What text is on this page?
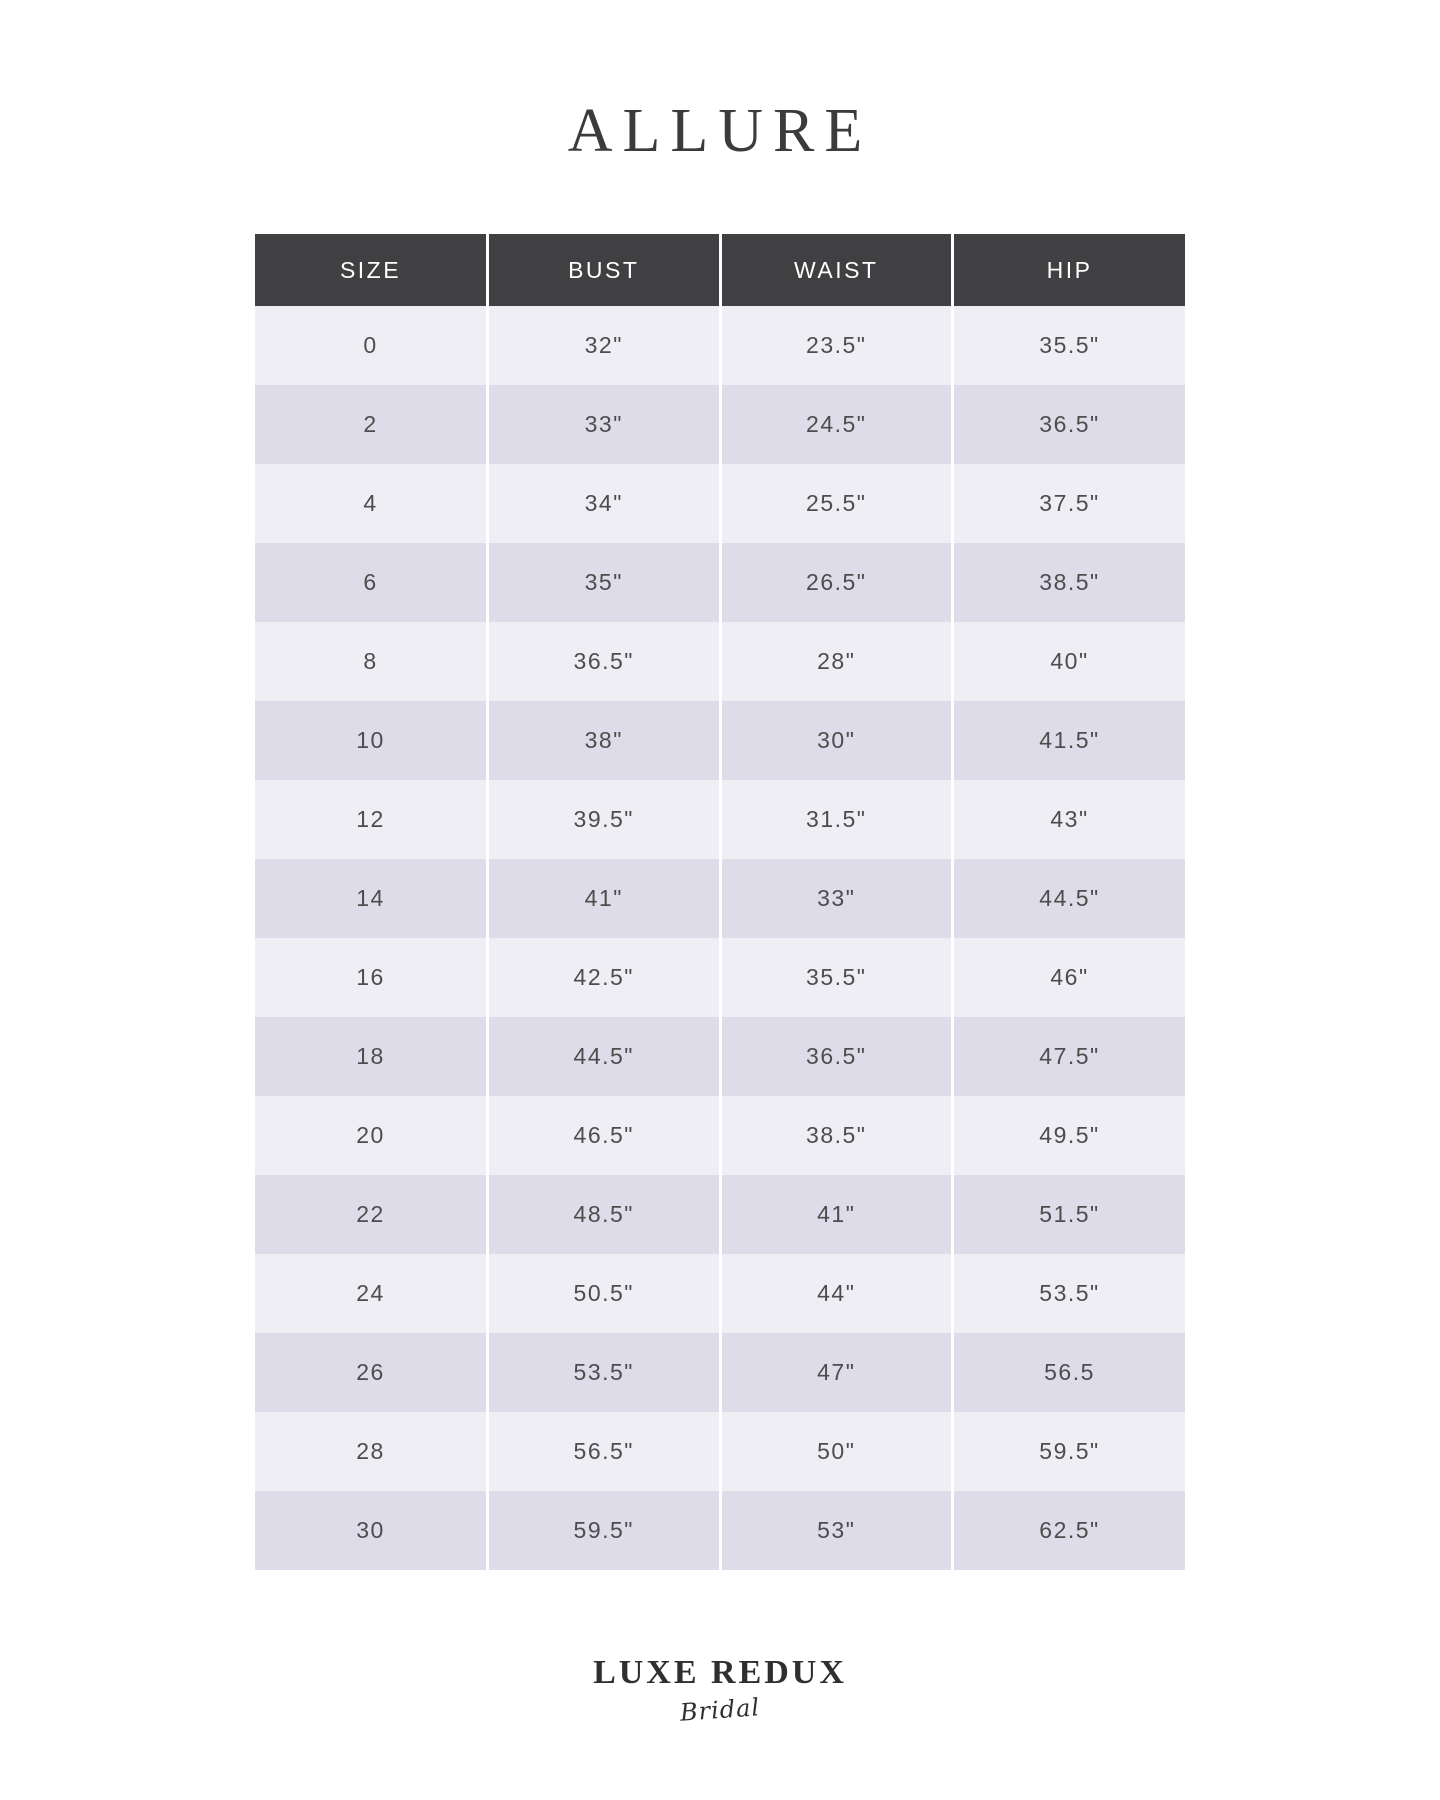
ALLURE
SIZE	BUST	WAIST	HIP
0	32"	23.5"	35.5"
2	33"	24.5"	36.5"
4	34"	25.5"	37.5"
6	35"	26.5"	38.5"
8	36.5"	28"	40"
10	38"	30"	41.5"
12	39.5"	31.5"	43"
14	41"	33"	44.5"
16	42.5"	35.5"	46"
18	44.5"	36.5"	47.5"
20	46.5"	38.5"	49.5"
22	48.5"	41"	51.5"
24	50.5"	44"	53.5"
26	53.5"	47"	56.5
28	56.5"	50"	59.5"
30	59.5"	53"	62.5"
LUXE REDUX
Bridal
